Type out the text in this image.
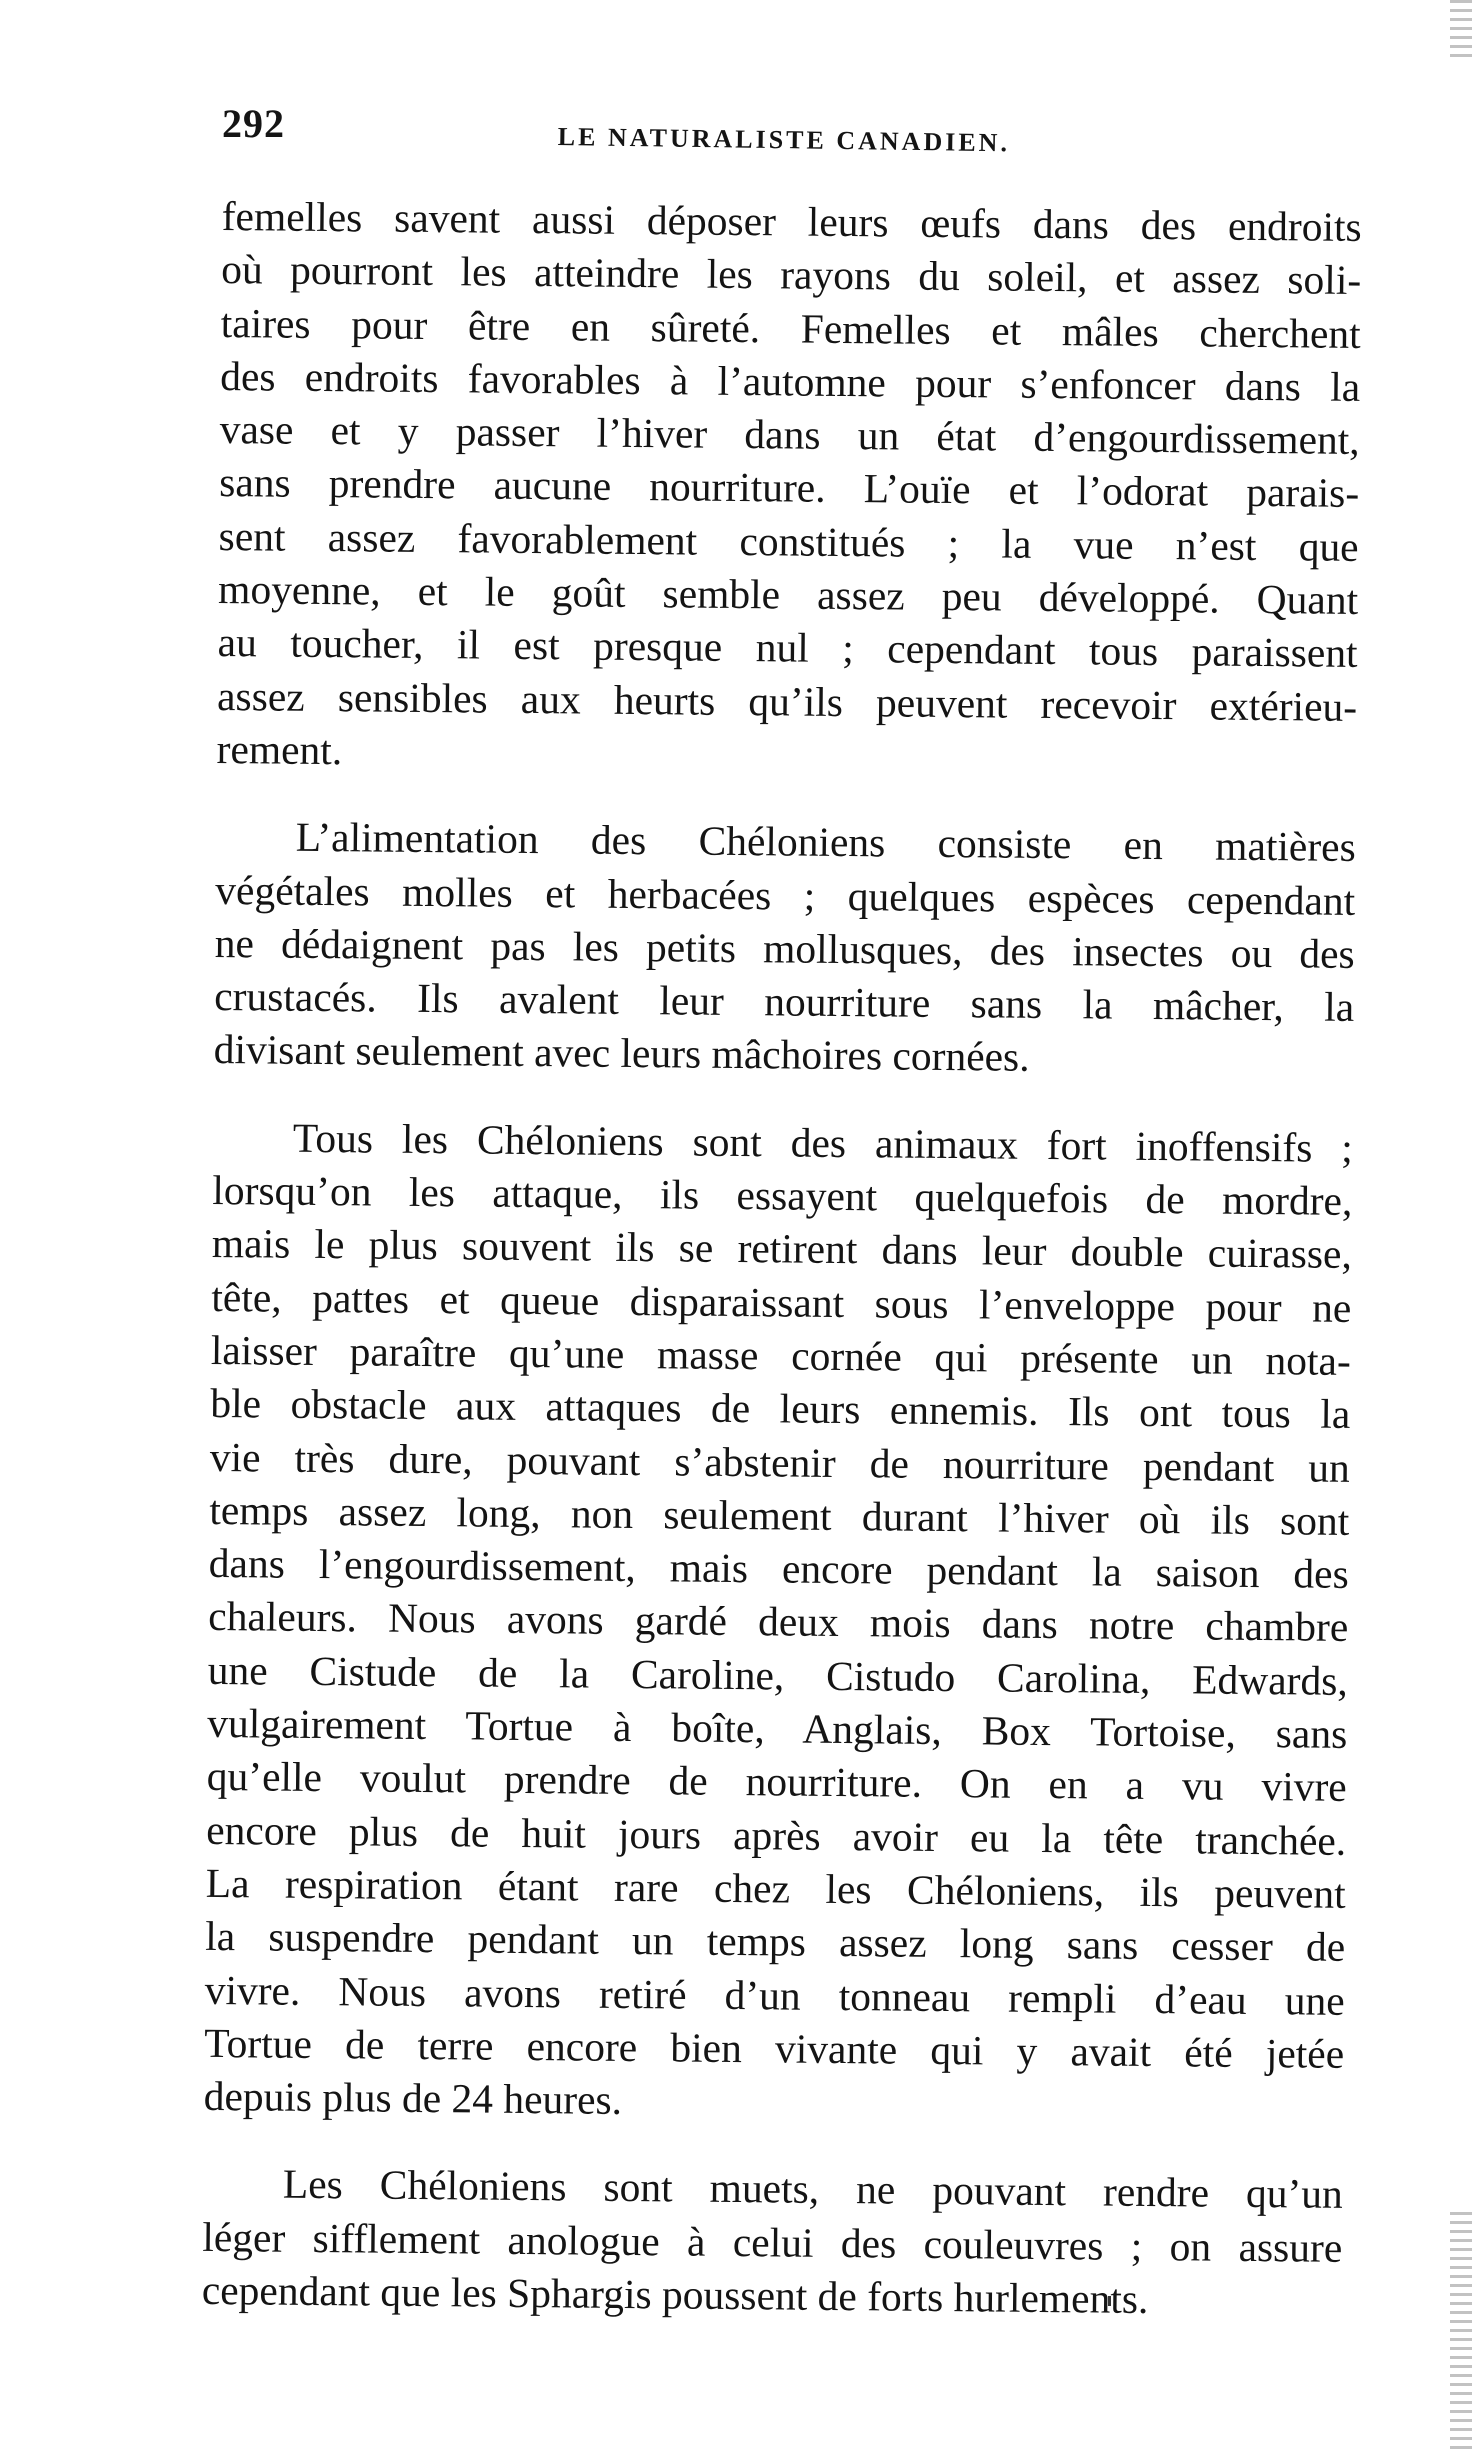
292	LE NATURALISTE CANADIEN.
femelles savent aussi déposer leurs œufs dans des endroits
où pourront les atteindre les rayons du soleil, et assez soli-
taires pour être en sûreté. Femelles et mâles cherchent
des endroits favorables à l’automne pour s’enfoncer dans la
vase et y passer l’hiver dans un état d’engourdissement,
sans prendre aucune nourriture. L’ouïe et l’odorat parais-
sent assez favorablement constitués ; la vue n’est que
moyenne, et le goût semble assez peu développé. Quant
au toucher, il est presque nul ; cependant tous paraissent
assez sensibles aux heurts qu’ils peuvent recevoir extérieu-
rement.
L’alimentation des Chéloniens consiste en matières
végétales molles et herbacées ; quelques espèces cependant
ne dédaignent pas les petits mollusques, des insectes ou des
crustacés. Ils avalent leur nourriture sans la mâcher, la
divisant seulement avec leurs mâchoires cornées.
Tous les Chéloniens sont des animaux fort inoffensifs ;
lorsqu’on les attaque, ils essayent quelquefois de mordre,
mais le plus souvent ils se retirent dans leur double cuirasse,
tête, pattes et queue disparaissant sous l’enveloppe pour ne
laisser paraître qu’une masse cornée qui présente un nota-
ble obstacle aux attaques de leurs ennemis. Ils ont tous la
vie très dure, pouvant s’abstenir de nourriture pendant un
temps assez long, non seulement durant l’hiver où ils sont
dans l’engourdissement, mais encore pendant la saison des
chaleurs. Nous avons gardé deux mois dans notre chambre
une Cistude de la Caroline, Cistudo Carolina, Edwards,
vulgairement Tortue à boîte, Anglais, Box Tortoise, sans
qu’elle voulut prendre de nourriture. On en a vu vivre
encore plus de huit jours après avoir eu la tête tranchée.
La respiration étant rare chez les Chéloniens, ils peuvent
la suspendre pendant un temps assez long sans cesser de
vivre. Nous avons retiré d’un tonneau rempli d’eau une
Tortue de terre encore bien vivante qui y avait été jetée
depuis plus de 24 heures.
Les Chéloniens sont muets, ne pouvant rendre qu’un
léger sifflement anologue à celui des couleuvres ; on assure
cependant que les Sphargis poussent de forts hurlements.
